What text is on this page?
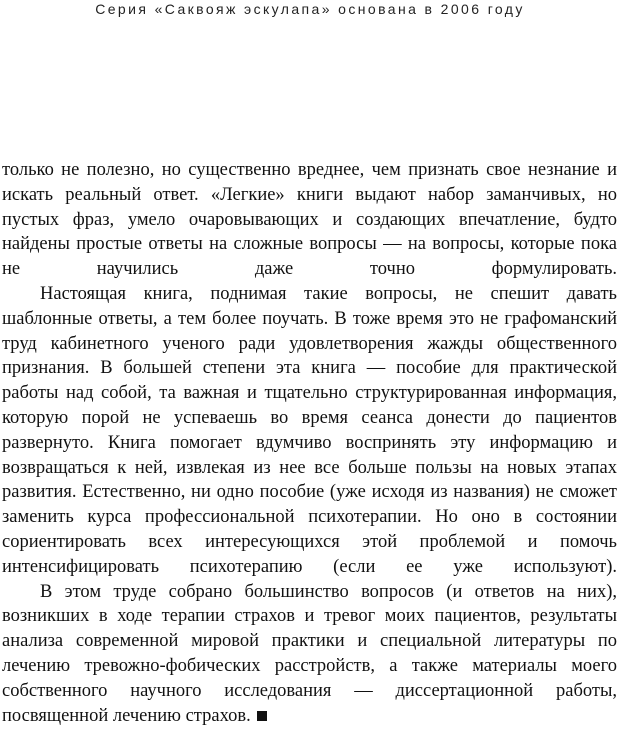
Серия «Саквояж эскулапа» основана в 2006 году

только не полезно, но существенно вреднее, чем признать свое незнание и искать реальный ответ. «Легкие» книги выдают набор заманчивых, но пустых фраз, умело очаровывающих и создающих впечатление, будто найдены простые ответы на сложные вопросы — на вопросы, которые пока не научились даже точно формулировать.

Настоящая книга, поднимая такие вопросы, не спешит давать шаблонные ответы, а тем более поучать. В тоже время это не графоманский труд кабинетного ученого ради удовлетворения жажды общественного признания. В большей степени эта книга — пособие для практической работы над собой, та важная и тщательно структурированная информация, которую порой не успеваешь во время сеанса донести до пациентов развернуто. Книга помогает вдумчиво воспринять эту информацию и возвращаться к ней, извлекая из нее все больше пользы на новых этапах развития. Естественно, ни одно пособие (уже исходя из названия) не сможет заменить курса профессиональной психотерапии. Но оно в состоянии сориентировать всех интересующихся этой проблемой и помочь интенсифицировать психотерапию (если ее уже используют).

В этом труде собрано большинство вопросов (и ответов на них), возникших в ходе терапии страхов и тревог моих пациентов, результаты анализа современной мировой практики и специальной литературы по лечению тревожно-фобических расстройств, а также материалы моего собственного научного исследования — диссертационной работы, посвященной лечению страхов.
